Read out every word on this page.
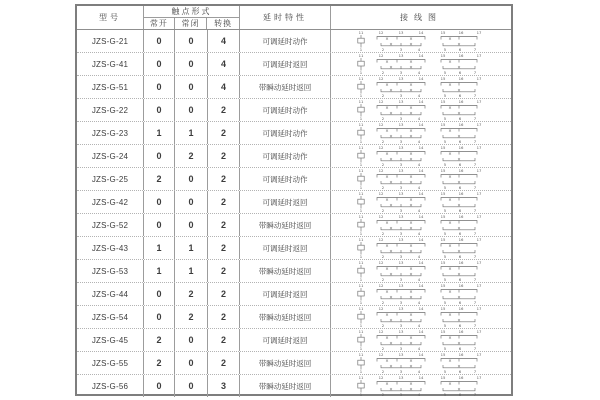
型号
触点形式
常开	常闭	转换
延时特性	接线图
JZS-G-21	0	0	4	可调延时动作	×	×
×	×
×
×
11	12	13	14	15	16	17
1	2	3	4	5	6	7
JZS-G-41	0	0	4	可调延时返回	×	×
×	×
×
×
11	12	13	14	15	16	17
1	2	3	4	5	6	7
JZS-G-51	0	0	4	带瞬动延时返回	×	×
×	×
×
×
11	12	13	14	15	16	17
1	2	3	4	5	6	7
JZS-G-22	0	0	2	可调延时动作	×	×
×	×
×
×
11	12	13	14	15	16	17
1	2	3	4	5	6	7
JZS-G-23	1	1	2	可调延时动作	×	×
×	×
×
×
11	12	13	14	15	16	17
1	2	3	4	5	6	7
JZS-G-24	0	2	2	可调延时动作	×	×
×	×
×
×
11	12	13	14	15	16	17
1	2	3	4	5	6	7
JZS-G-25	2	0	2	可调延时动作	×	×
×	×
×
×
11	12	13	14	15	16	17
1	2	3	4	5	6	7
JZS-G-42	0	0	2	可调延时返回	×	×
×	×
×
×
11	12	13	14	15	16	17
1	2	3	4	5	6	7
JZS-G-52	0	0	2	带瞬动延时返回	×	×
×	×
×
×
11	12	13	14	15	16	17
1	2	3	4	5	6	7
JZS-G-43	1	1	2	可调延时返回	×	×
×	×
×
×
11	12	13	14	15	16	17
1	2	3	4	5	6	7
JZS-G-53	1	1	2	带瞬动延时返回	×	×
×	×
×
×
11	12	13	14	15	16	17
1	2	3	4	5	6	7
JZS-G-44	0	2	2	可调延时返回	×	×
×	×
×
×
11	12	13	14	15	16	17
1	2	3	4	5	6	7
JZS-G-54	0	2	2	带瞬动延时返回	×	×
×	×
×
×
11	12	13	14	15	16	17
1	2	3	4	5	6	7
JZS-G-45	2	0	2	可调延时返回	×	×
×	×
×
×
11	12	13	14	15	16	17
1	2	3	4	5	6	7
JZS-G-55	2	0	2	带瞬动延时返回	×	×
×	×
×
×
11	12	13	14	15	16	17
1	2	3	4	5	6	7
JZS-G-56	0	0	3	带瞬动延时返回	×	×
×	×
×
×
11	12	13	14	15	16	17
1	2	3	4	5	6	7
